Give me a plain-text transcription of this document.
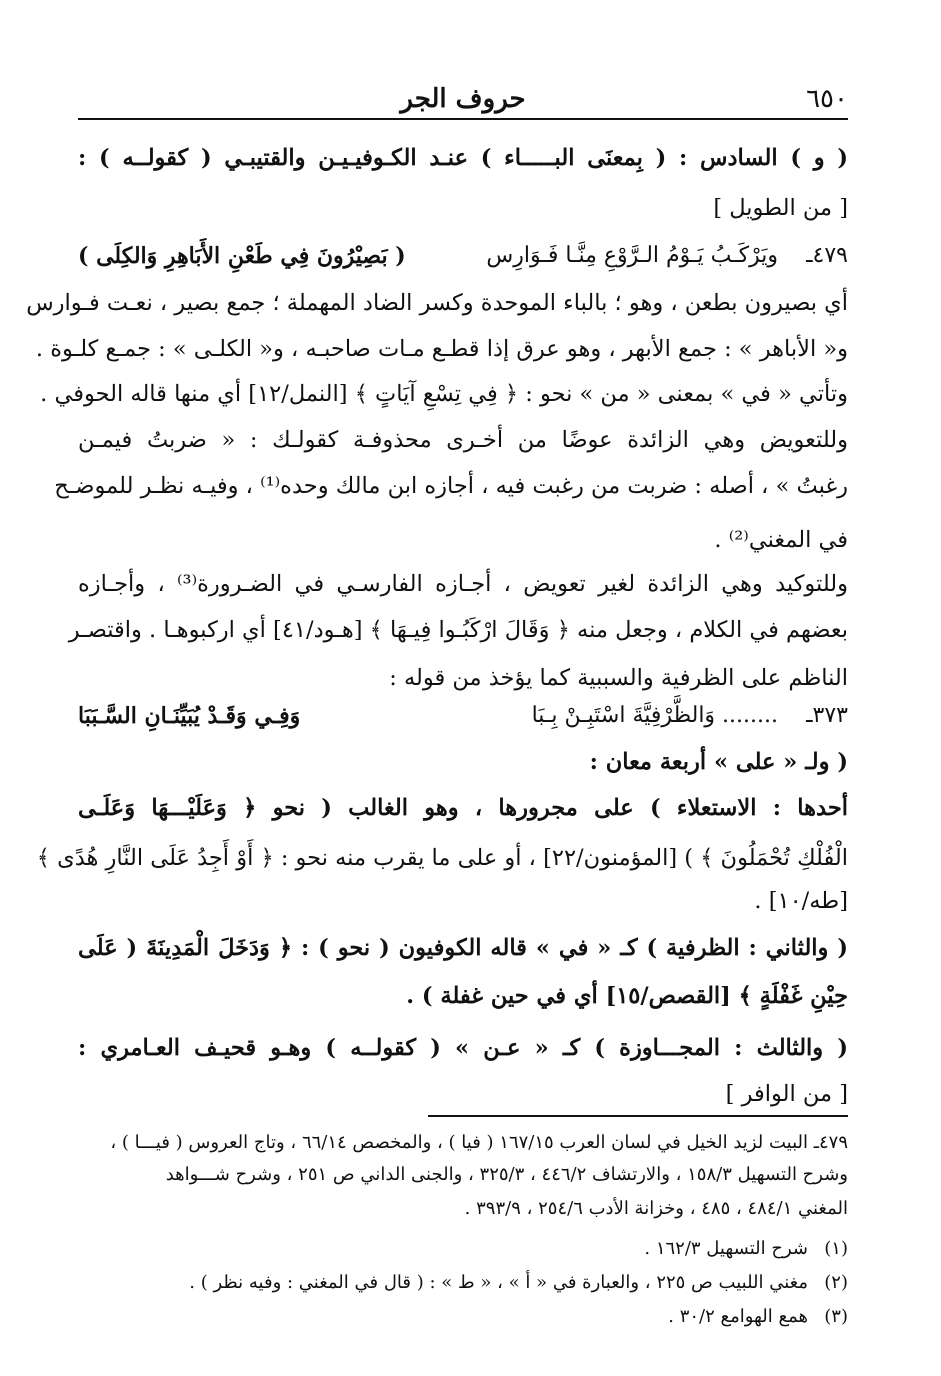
٦٥٠
حروف الجر
( و ) السادس : ( بِمعنَى البـــــاء ) عنـد الكـوفيـيـن والقتيبـي ( كقولــه ) :
[ من الطويل ]
٤٧٩ـ
ويَرْكَـبُ يَـوْمُ الـرَّوْعِ مِنَّـا فَـوَارِس
( بَصِيْرُونَ فِي طَعْنِ الأَبَاهِرِ وَالكِلَى )
أي بصيرون بطعن ، وهو ؛ بالباء الموحدة وكسر الضاد المهملة ؛ جمع بصير ، نعـت فـوارس
و« الأباهر » : جمع الأبهر ، وهو عرق إذا قطـع مـات صاحبـه ، و« الكلـى » : جمـع كلـوة .
وتأتي « في » بمعنى « من » نحو : ﴿ فِي تِسْعِ آيَاتٍ ﴾ [النمل/١٢] أي منها قاله الحوفي .
وللتعويض وهي الزائدة عوضًا من أخـرى محذوفـة كقولـك : « ضربتُ فيمـن
رغبتُ » ، أصله : ضربت من رغبت فيه ، أجازه ابن مالك وحده⁽¹⁾ ، وفيـه نظـر للموضـح
في المغني⁽²⁾ .
وللتوكيد وهي الزائدة لغير تعويض ، أجـازه الفارسـي في الضـرورة⁽³⁾ ، وأجـازه
بعضهم في الكلام ، وجعل منه ﴿ وَقَالَ ارْكَبُـوا فِيـهَا ﴾ [هـود/٤١] أي اركبوهـا . واقتصـر
الناظم على الظرفية والسببية كما يؤخذ من قوله :
٣٧٣ـ
........ وَالظَّرْفِيَّةَ اسْتَبِـنْ بِـبَا
وَفِـي وَقَـدْ يُبَيِّنَـانِ السَّـبَبَا
( ولـ « على » أربعة معان :
أحدها : الاستعلاء ) على مجرورها ، وهو الغالب ( نحو ﴿ وَعَلَيْـــهَا وَعَلَـى
الْفُلْكِ تُحْمَلُونَ ﴾ ) [المؤمنون/٢٢] ، أو على ما يقرب منه نحو : ﴿ أَوْ أَجِدُ عَلَى النَّارِ هُدًى ﴾
[طه/١٠] .
( والثاني : الظرفية ) كـ « في » قاله الكوفيون ( نحو ) : ﴿ وَدَخَلَ الْمَدِينَةَ ( عَلَى
حِيْنِ غَفْلَةٍ ﴾ [القصص/١٥] أي في حين غفلة ) .
( والثالث : المجـــاوزة ) كـ « عـن » ( كقولــه ) وهـو قحيـف العـامري :
[ من الوافر ]
٤٧٩ـ البيت لزيد الخيل في لسان العرب ١٦٧/١٥ ( فيا ) ، والمخصص ٦٦/١٤ ، وتاج العروس ( فيـــا ) ،
وشرح التسهيل ١٥٨/٣ ، والارتشاف ٤٤٦/٢ ، ٣٢٥/٣ ، والجنى الداني ص ٢٥١ ، وشرح شـــواهد
المغني ٤٨٤/١ ، ٤٨٥ ، وخزانة الأدب ٢٥٤/٦ ، ٣٩٣/٩ .
(١)شرح التسهيل ١٦٢/٣ .
(٢)مغني اللبيب ص ٢٢٥ ، والعبارة في « أ » ، « ط » : ( قال في المغني : وفيه نظر ) .
(٣)همع الهوامع ٣٠/٢ .
